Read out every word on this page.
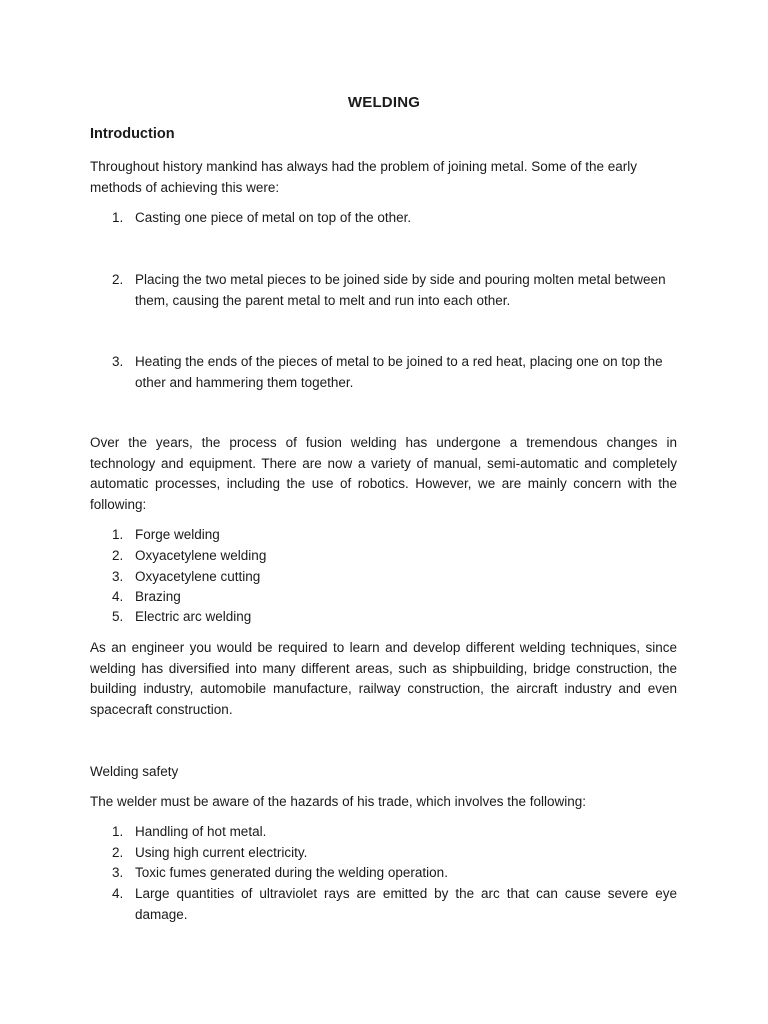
WELDING
Introduction

Throughout history mankind has always had the problem of joining metal. Some of the early methods of achieving this were:

1. Casting one piece of metal on top of the other.
2. Placing the two metal pieces to be joined side by side and pouring molten metal between them, causing the parent metal to melt and run into each other.
3. Heating the ends of the pieces of metal to be joined to a red heat, placing one on top the other and hammering them together.

Over the years, the process of fusion welding has undergone a tremendous changes in technology and equipment. There are now a variety of manual, semi-automatic and completely automatic processes, including the use of robotics. However, we are mainly concern with the following:

1. Forge welding
2. Oxyacetylene welding
3. Oxyacetylene cutting
4. Brazing
5. Electric arc welding

As an engineer you would be required to learn and develop different welding techniques, since welding has diversified into many different areas, such as shipbuilding, bridge construction, the building industry, automobile manufacture, railway construction, the aircraft industry and even spacecraft construction.

Welding safety

The welder must be aware of the hazards of his trade, which involves the following:

1. Handling of hot metal.
2. Using high current electricity.
3. Toxic fumes generated during the welding operation.
4. Large quantities of ultraviolet rays are emitted by the arc that can cause severe eye damage.
